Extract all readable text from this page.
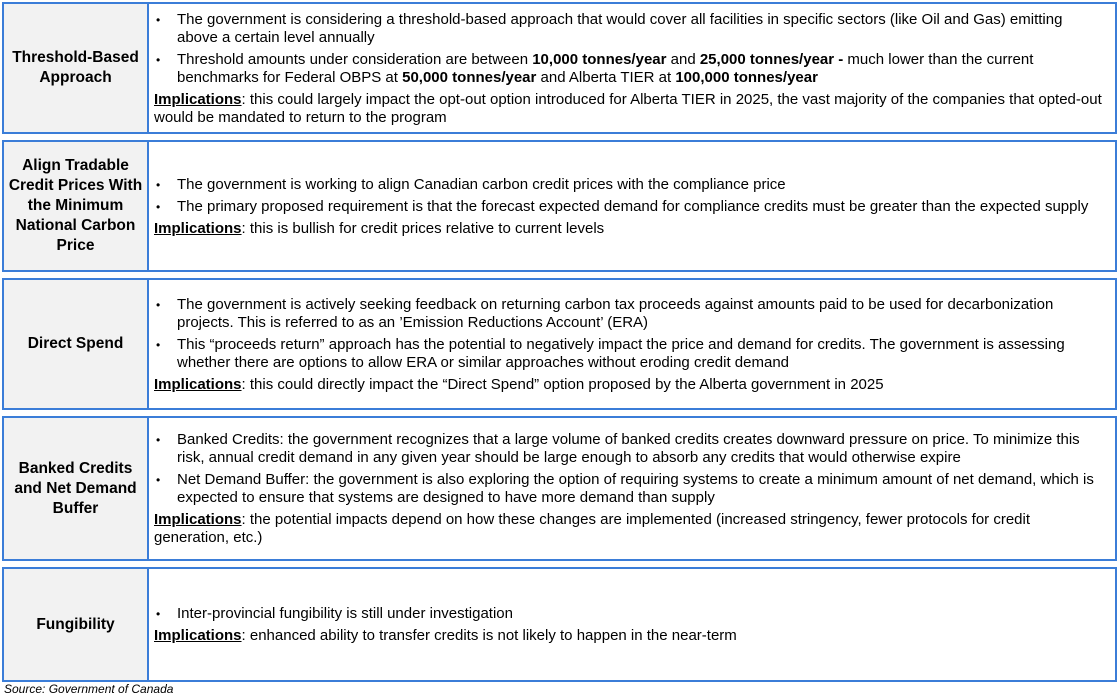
Threshold-Based Approach
• The government is considering a threshold-based approach that would cover all facilities in specific sectors (like Oil and Gas) emitting above a certain level annually
• Threshold amounts under consideration are between 10,000 tonnes/year and 25,000 tonnes/year - much lower than the current benchmarks for Federal OBPS at 50,000 tonnes/year and Alberta TIER at 100,000 tonnes/year
Implications: this could largely impact the opt-out option introduced for Alberta TIER in 2025, the vast majority of the companies that opted-out would be mandated to return to the program
Align Tradable Credit Prices With the Minimum National Carbon Price
• The government is working to align Canadian carbon credit prices with the compliance price
• The primary proposed requirement is that the forecast expected demand for compliance credits must be greater than the expected supply
Implications: this is bullish for credit prices relative to current levels
Direct Spend
• The government is actively seeking feedback on returning carbon tax proceeds against amounts paid to be used for decarbonization projects. This is referred to as an ’Emission Reductions Account’ (ERA)
• This “proceeds return” approach has the potential to negatively impact the price and demand for credits. The government is assessing whether there are options to allow ERA or similar approaches without eroding credit demand
Implications: this could directly impact the “Direct Spend” option proposed by the Alberta government in 2025
Banked Credits and Net Demand Buffer
• Banked Credits: the government recognizes that a large volume of banked credits creates downward pressure on price. To minimize this risk, annual credit demand in any given year should be large enough to absorb any credits that would otherwise expire
• Net Demand Buffer: the government is also exploring the option of requiring systems to create a minimum amount of net demand, which is expected to ensure that systems are designed to have more demand than supply
Implications: the potential impacts depend on how these changes are implemented (increased stringency, fewer protocols for credit generation, etc.)
Fungibility
• Inter-provincial fungibility is still under investigation
Implications: enhanced ability to transfer credits is not likely to happen in the near-term
Source: Government of Canada
